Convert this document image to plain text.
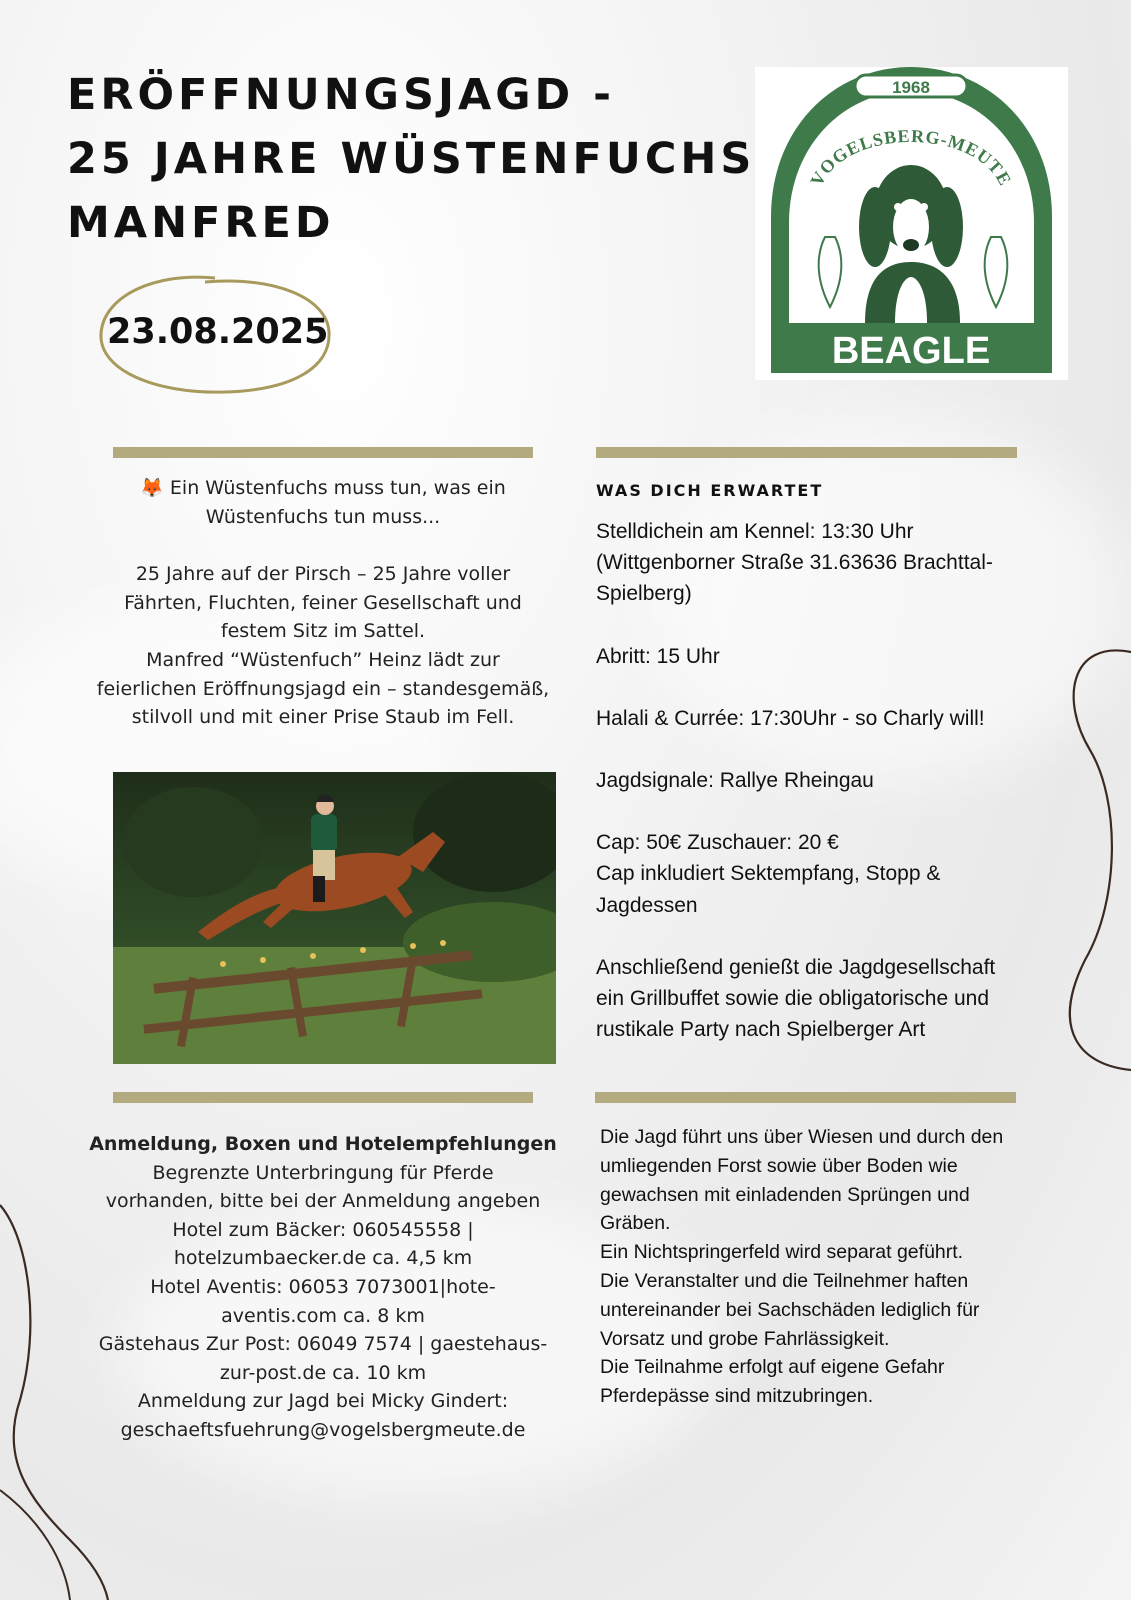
ERÖFFNUNGSJAGD -
25 JAHRE WÜSTENFUCHS
MANFRED

23.08.2025

1968
VOGELSBERG-MEUTE
BEAGLE

🦊 Ein Wüstenfuchs muss tun, was ein

Wüstenfuchs tun muss...

25 Jahre auf der Pirsch – 25 Jahre voller

Fährten, Fluchten, feiner Gesellschaft und

festem Sitz im Sattel.

Manfred “Wüstenfuch” Heinz lädt zur

feierlichen Eröffnungsjagd ein – standesgemäß,

stilvoll und mit einer Prise Staub im Fell.

WAS DICH ERWARTET

Stelldichein am Kennel: 13:30 Uhr

(Wittgenborner Straße 31.63636 Brachttal-

Spielberg)

Abritt: 15 Uhr

Halali & Currée: 17:30Uhr - so Charly will!

Jagdsignale: Rallye Rheingau

Cap: 50€ Zuschauer: 20 €

Cap inkludiert Sektempfang, Stopp &

Jagdessen

Anschließend genießt die Jagdgesellschaft

ein Grillbuffet sowie die obligatorische und

rustikale Party nach Spielberger Art

Anmeldung, Boxen und Hotelempfehlungen

Begrenzte Unterbringung für Pferde

vorhanden, bitte bei der Anmeldung angeben

Hotel zum Bäcker: 060545558 |

hotelzumbaecker.de ca. 4,5 km

Hotel Aventis: 06053 7073001|hote-

aventis.com ca. 8 km

Gästehaus Zur Post: 06049 7574 | gaestehaus-

zur-post.de ca. 10 km

Anmeldung zur Jagd bei Micky Gindert:

geschaeftsfuehrung@vogelsbergmeute.de

Die Jagd führt uns über Wiesen und durch den

umliegenden Forst sowie über Boden wie

gewachsen mit einladenden Sprüngen und

Gräben.

Ein Nichtspringerfeld wird separat geführt.

Die Veranstalter und die Teilnehmer haften

untereinander bei Sachschäden lediglich für

Vorsatz und grobe Fahrlässigkeit.

Die Teilnahme erfolgt auf eigene Gefahr

Pferdepässe sind mitzubringen.
